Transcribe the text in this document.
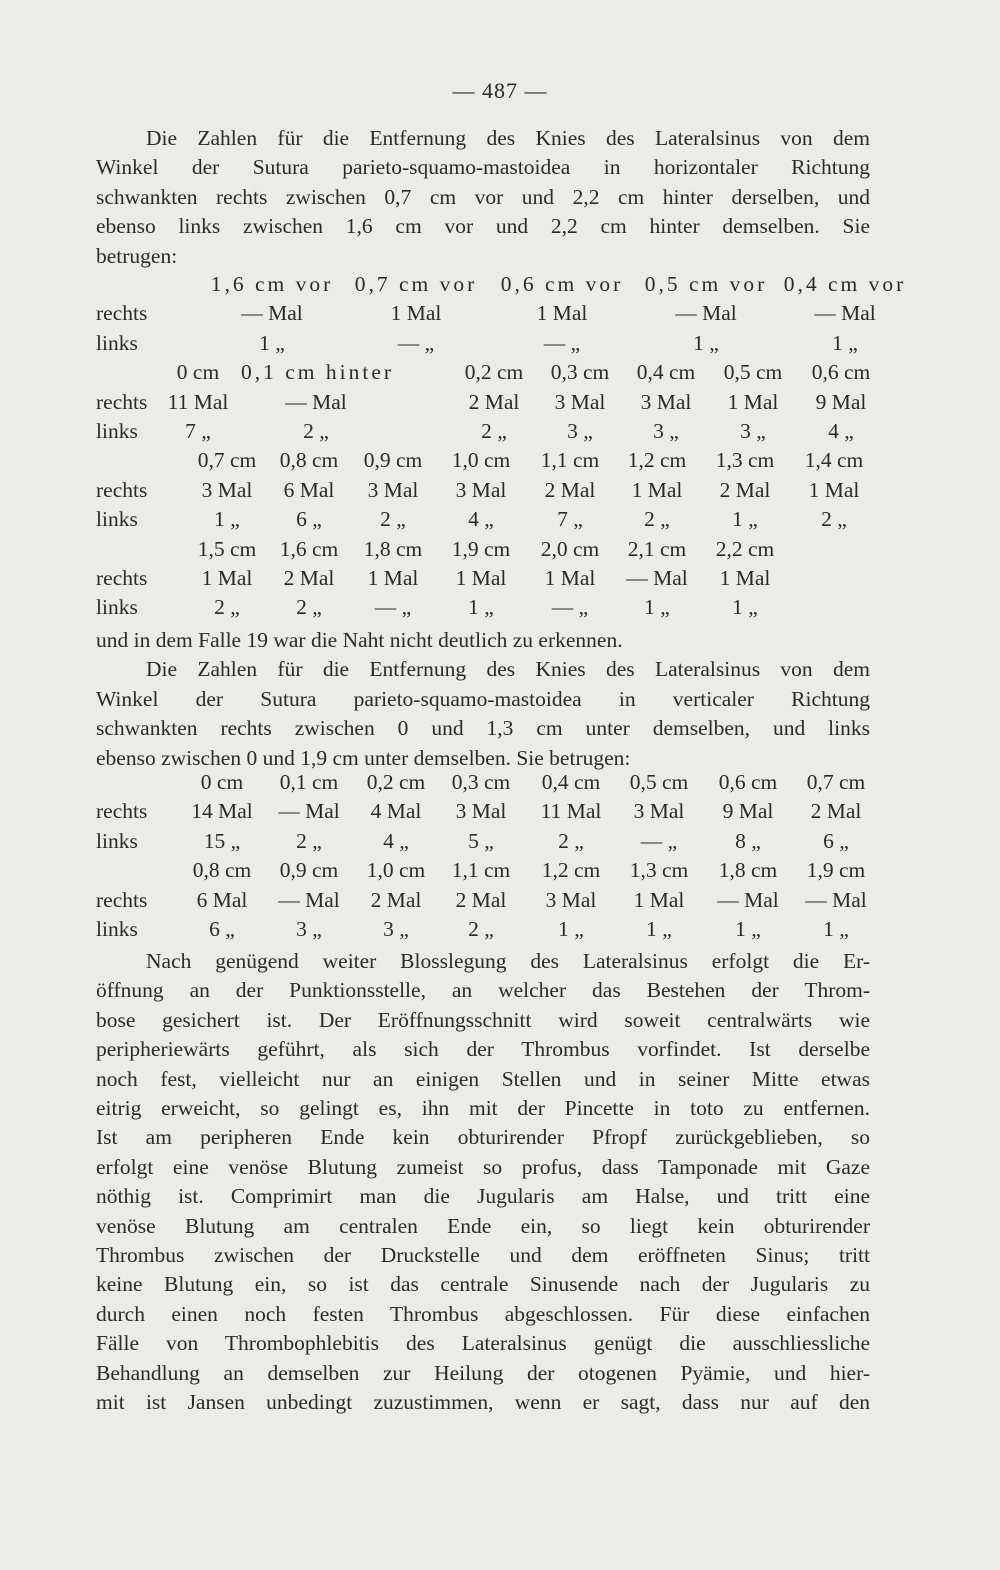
— 487 —
Die Zahlen für die Entfernung des Knies des Lateralsinus von dem
Winkel der Sutura parieto-squamo-mastoidea in horizontaler Richtung
schwankten rechts zwischen 0,7 cm vor und 2,2 cm hinter derselben, und
ebenso links zwischen 1,6 cm vor und 2,2 cm hinter demselben. Sie
betrugen:
1,6 cm vor 0,7 cm vor	0,6 cm vor 0,5 cm vor 0,4 cm vor
rechts	— Mal	1 Mal	1 Mal	— Mal	— Mal
links	1 „	— „	— „	1 „	1 „
0 cm	0,1 cm hinter	0,2 cm	0,3 cm	0,4 cm	0,5 cm	0,6 cm
rechts 11 Mal	— Mal	2 Mal	3 Mal	3 Mal	1 Mal	9 Mal
links	7 „	2 „	2 „	3 „	3 „	3 „	4 „
0,7 cm	0,8 cm	0,9 cm	1,0 cm	1,1 cm	1,2 cm	1,3 cm	1,4 cm
rechts	3 Mal	6 Mal	3 Mal	3 Mal	2 Mal	1 Mal	2 Mal	1 Mal
links	1 „	6 „	2 „	4 „	7 „	2 „	1 „	2 „
1,5 cm	1,6 cm	1,8 cm	1,9 cm	2,0 cm	2,1 cm	2,2 cm
rechts	1 Mal	2 Mal	1 Mal	1 Mal	1 Mal	— Mal	1 Mal
links	2 „	2 „	— „	1 „	— „	1 „	1 „
und in dem Falle 19 war die Naht nicht deutlich zu erkennen.
Die Zahlen für die Entfernung des Knies des Lateralsinus von dem
Winkel der Sutura parieto-squamo-mastoidea in verticaler Richtung
schwankten rechts zwischen 0 und 1,3 cm unter demselben, und links
ebenso zwischen 0 und 1,9 cm unter demselben. Sie betrugen:
0 cm	0,1 cm	0,2 cm	0,3 cm	0,4 cm	0,5 cm	0,6 cm	0,7 cm
rechts	14 Mal	— Mal	4 Mal	3 Mal	11 Mal	3 Mal	9 Mal	2 Mal
links	15 „	2 „	4 „	5 „	2 „	— „	8 „	6 „
0,8 cm	0,9 cm	1,0 cm	1,1 cm	1,2 cm	1,3 cm	1,8 cm	1,9 cm
rechts	6 Mal	— Mal	2 Mal	2 Mal	3 Mal	1 Mal	— Mal	— Mal
links	6 „	3 „	3 „	2 „	1 „	1 „	1 „	1 „
Nach genügend weiter Blosslegung des Lateralsinus erfolgt die Er-
öffnung an der Punktionsstelle, an welcher das Bestehen der Throm-
bose gesichert ist. Der Eröffnungsschnitt wird soweit centralwärts wie
peripheriewärts geführt, als sich der Thrombus vorfindet. Ist derselbe
noch fest, vielleicht nur an einigen Stellen und in seiner Mitte etwas
eitrig erweicht, so gelingt es, ihn mit der Pincette in toto zu entfernen.
Ist am peripheren Ende kein obturirender Pfropf zurückgeblieben, so
erfolgt eine venöse Blutung zumeist so profus, dass Tamponade mit Gaze
nöthig ist. Comprimirt man die Jugularis am Halse, und tritt eine
venöse Blutung am centralen Ende ein, so liegt kein obturirender
Thrombus zwischen der Druckstelle und dem eröffneten Sinus; tritt
keine Blutung ein, so ist das centrale Sinusende nach der Jugularis zu
durch einen noch festen Thrombus abgeschlossen. Für diese einfachen
Fälle von Thrombophlebitis des Lateralsinus genügt die ausschliessliche
Behandlung an demselben zur Heilung der otogenen Pyämie, und hier-
mit ist Jansen unbedingt zuzustimmen, wenn er sagt, dass nur auf den
